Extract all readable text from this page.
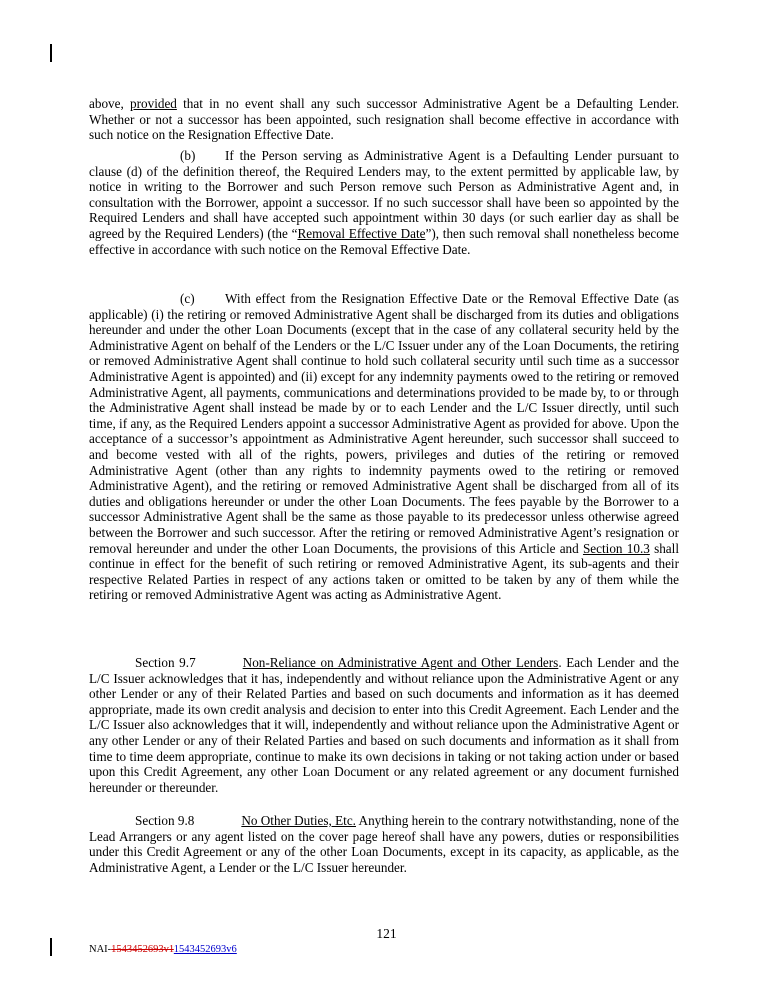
above, provided that in no event shall any such successor Administrative Agent be a Defaulting Lender. Whether or not a successor has been appointed, such resignation shall become effective in accordance with such notice on the Resignation Effective Date.

(b) If the Person serving as Administrative Agent is a Defaulting Lender pursuant to clause (d) of the definition thereof, the Required Lenders may, to the extent permitted by applicable law, by notice in writing to the Borrower and such Person remove such Person as Administrative Agent and, in consultation with the Borrower, appoint a successor. If no such successor shall have been so appointed by the Required Lenders and shall have accepted such appointment within 30 days (or such earlier day as shall be agreed by the Required Lenders) (the “Removal Effective Date”), then such removal shall nonetheless become effective in accordance with such notice on the Removal Effective Date.

(c) With effect from the Resignation Effective Date or the Removal Effective Date (as applicable) (i) the retiring or removed Administrative Agent shall be discharged from its duties and obligations hereunder and under the other Loan Documents (except that in the case of any collateral security held by the Administrative Agent on behalf of the Lenders or the L/C Issuer under any of the Loan Documents, the retiring or removed Administrative Agent shall continue to hold such collateral security until such time as a successor Administrative Agent is appointed) and (ii) except for any indemnity payments owed to the retiring or removed Administrative Agent, all payments, communications and determinations provided to be made by, to or through the Administrative Agent shall instead be made by or to each Lender and the L/C Issuer directly, until such time, if any, as the Required Lenders appoint a successor Administrative Agent as provided for above. Upon the acceptance of a successor’s appointment as Administrative Agent hereunder, such successor shall succeed to and become vested with all of the rights, powers, privileges and duties of the retiring or removed Administrative Agent (other than any rights to indemnity payments owed to the retiring or removed Administrative Agent), and the retiring or removed Administrative Agent shall be discharged from all of its duties and obligations hereunder or under the other Loan Documents. The fees payable by the Borrower to a successor Administrative Agent shall be the same as those payable to its predecessor unless otherwise agreed between the Borrower and such successor. After the retiring or removed Administrative Agent’s resignation or removal hereunder and under the other Loan Documents, the provisions of this Article and Section 10.3 shall continue in effect for the benefit of such retiring or removed Administrative Agent, its sub-agents and their respective Related Parties in respect of any actions taken or omitted to be taken by any of them while the retiring or removed Administrative Agent was acting as Administrative Agent.

Section 9.7	Non-Reliance on Administrative Agent and Other Lenders. Each Lender and the L/C Issuer acknowledges that it has, independently and without reliance upon the Administrative Agent or any other Lender or any of their Related Parties and based on such documents and information as it has deemed appropriate, made its own credit analysis and decision to enter into this Credit Agreement. Each Lender and the L/C Issuer also acknowledges that it will, independently and without reliance upon the Administrative Agent or any other Lender or any of their Related Parties and based on such documents and information as it shall from time to time deem appropriate, continue to make its own decisions in taking or not taking action under or based upon this Credit Agreement, any other Loan Document or any related agreement or any document furnished hereunder or thereunder.

Section 9.8	No Other Duties, Etc. Anything herein to the contrary notwithstanding, none of the Lead Arrangers or any agent listed on the cover page hereof shall have any powers, duties or responsibilities under this Credit Agreement or any of the other Loan Documents, except in its capacity, as applicable, as the Administrative Agent, a Lender or the L/C Issuer hereunder.

121
NAI-1543452693v11543452693v6
